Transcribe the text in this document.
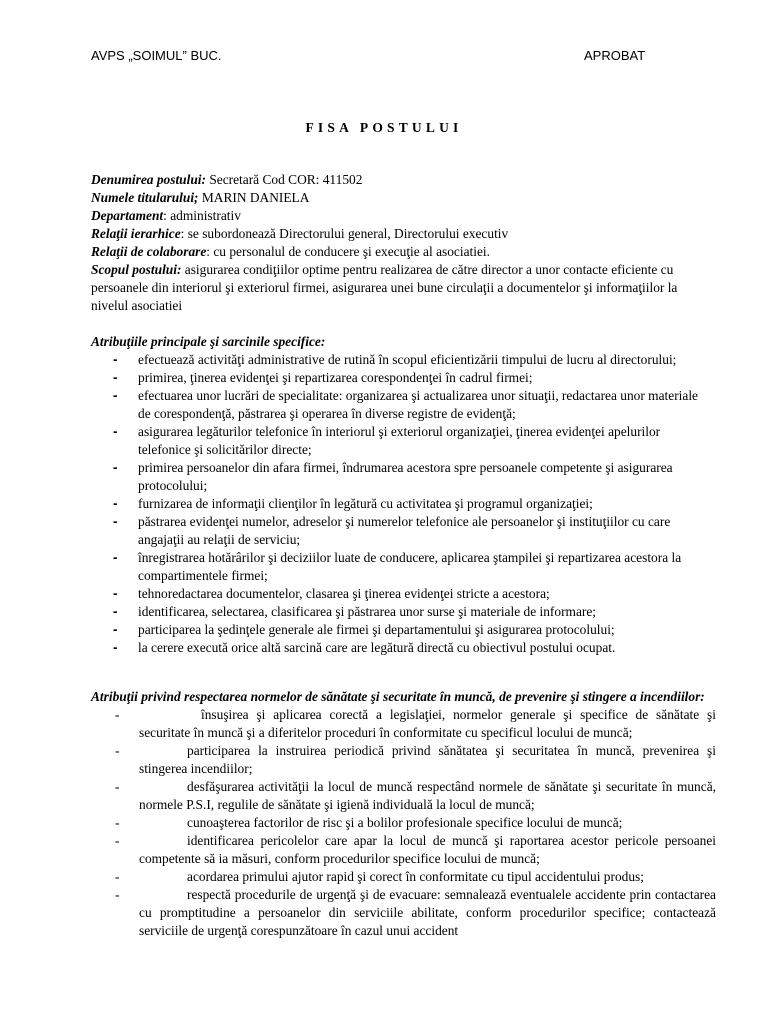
AVPS „SOIMUL” BUC.	APROBAT
FISA POSTULUI
Denumirea postului: Secretară Cod COR: 411502
Numele titularului; MARIN DANIELA
Departament: administrativ
Relaţii ierarhice: se subordonează Directorului general, Directorului executiv
Relaţii de colaborare: cu personalul de conducere şi execuţie al asociatiei.
Scopul postului: asigurarea condiţiilor optime pentru realizarea de către director a unor contacte eficiente cu persoanele din interiorul şi exteriorul firmei, asigurarea unei bune circulaţii a documentelor şi informaţiilor la nivelul asociatiei
Atribuţiile principale şi sarcinile specifice:
- efectuează activităţi administrative de rutină în scopul eficientizării timpului de lucru al directorului;
- primirea, ţinerea evidenţei şi repartizarea corespondenţei în cadrul firmei;
- efectuarea unor lucrări de specialitate: organizarea şi actualizarea unor situaţii, redactarea unor materiale de corespondenţă, păstrarea şi operarea în diverse registre de evidenţă;
- asigurarea legăturilor telefonice în interiorul şi exteriorul organizaţiei, ţinerea evidenţei apelurilor telefonice şi solicitărilor directe;
- primirea persoanelor din afara firmei, îndrumarea acestora spre persoanele competente şi asigurarea protocolului;
- furnizarea de informaţii clienţilor în legătură cu activitatea şi programul organizaţiei;
- păstrarea evidenţei numelor, adreselor şi numerelor telefonice ale persoanelor şi instituţiilor cu care angajaţii au relaţii de serviciu;
- înregistrarea hotărârilor şi deciziilor luate de conducere, aplicarea ştampilei şi repartizarea acestora la compartimentele firmei;
- tehnoredactarea documentelor, clasarea şi ţinerea evidenţei stricte a acestora;
- identificarea, selectarea, clasificarea şi păstrarea unor surse şi materiale de informare;
- participarea la şedinţele generale ale firmei şi departamentului şi asigurarea protocolului;
- la cerere execută orice altă sarcină care are legătură directă cu obiectivul postului ocupat.
Atribuţii privind respectarea normelor de sănătate şi securitate în muncă, de prevenire şi stingere a incendiilor:
-	însuşirea şi aplicarea corectă a legislaţiei, normelor generale şi specifice de sănătate şi securitate în muncă şi a diferitelor proceduri în conformitate cu specificul locului de muncă;
-	participarea la instruirea periodică privind sănătatea şi securitatea în muncă, prevenirea şi stingerea incendiilor;
-	desfăşurarea activităţii la locul de muncă respectând normele de sănătate şi securitate în muncă, normele P.S.I, regulile de sănătate şi igienă individuală la locul de muncă;
-	cunoaşterea factorilor de risc şi a bolilor profesionale specifice locului de muncă;
-	identificarea pericolelor care apar la locul de muncă şi raportarea acestor pericole persoanei competente să ia măsuri, conform procedurilor specifice locului de muncă;
-	acordarea primului ajutor rapid şi corect în conformitate cu tipul accidentului produs;
-	respectă procedurile de urgenţă şi de evacuare: semnalează eventualele accidente prin contactarea cu promptitudine a persoanelor din serviciile abilitate, conform procedurilor specifice; contactează serviciile de urgenţă corespunzătoare în cazul unui accident
